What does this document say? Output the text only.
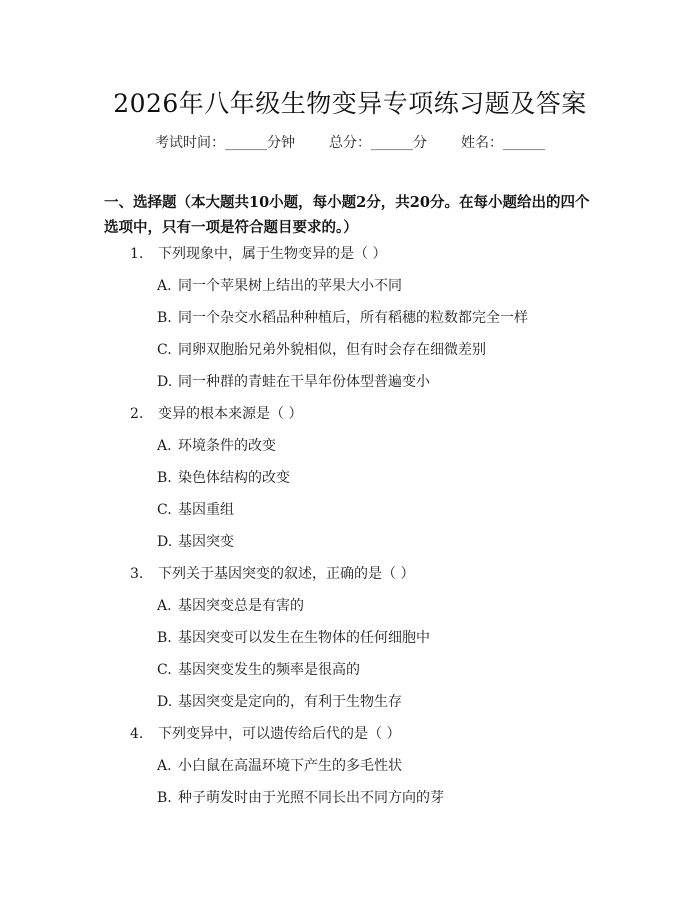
2026年八年级生物变异专项练习题及答案
考试时间：______分钟 总分：______分 姓名：______
一、选择题（本大题共10小题，每小题2分，共20分。在每小题给出的四个选项中，只有一项是符合题目要求的。）
1. 下列现象中，属于生物变异的是（ ）
A. 同一个苹果树上结出的苹果大小不同
B. 同一个杂交水稻品种种植后，所有稻穗的粒数都完全一样
C. 同卵双胞胎兄弟外貌相似，但有时会存在细微差别
D. 同一种群的青蛙在干旱年份体型普遍变小
2. 变异的根本来源是（ ）
A. 环境条件的改变
B. 染色体结构的改变
C. 基因重组
D. 基因突变
3. 下列关于基因突变的叙述，正确的是（ ）
A. 基因突变总是有害的
B. 基因突变可以发生在生物体的任何细胞中
C. 基因突变发生的频率是很高的
D. 基因突变是定向的，有利于生物生存
4. 下列变异中，可以遗传给后代的是（ ）
A. 小白鼠在高温环境下产生的多毛性状
B. 种子萌发时由于光照不同长出不同方向的芽
